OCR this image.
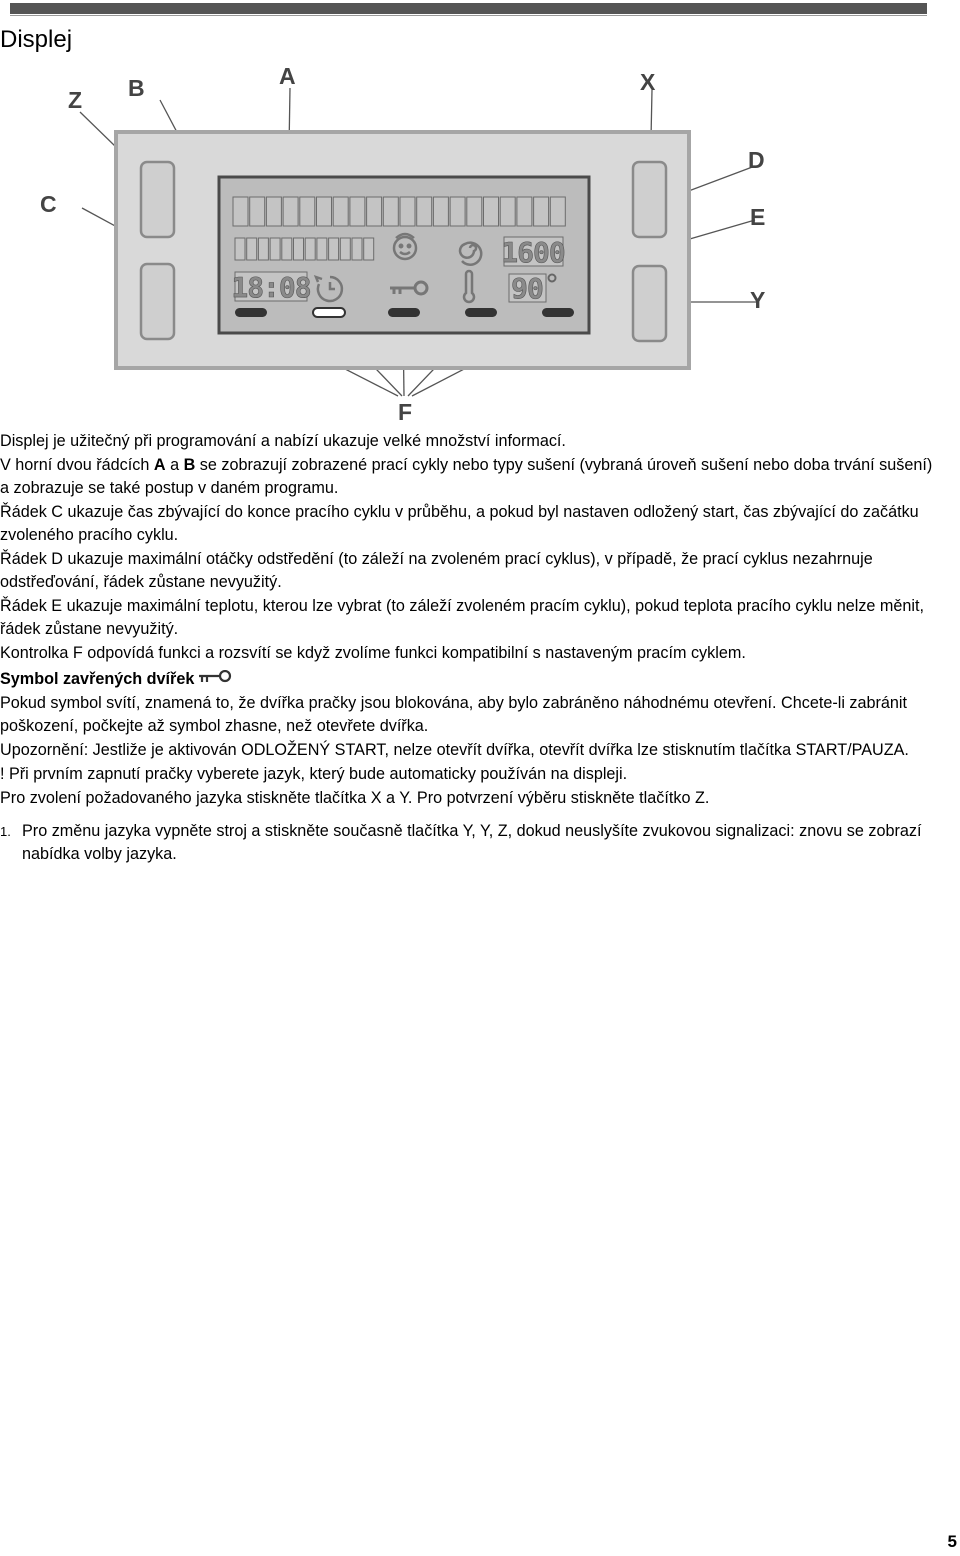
Displej
18:08
1600
90
Z B	A	X
C
D
E
Y
F

Displej je užitečný při programování a nabízí ukazuje velké množství informací.

V horní dvou řádcích A a B se zobrazují zobrazené prací cykly nebo typy sušení (vybraná úroveň sušení nebo doba trvání sušení) a zobrazuje se také postup v daném programu.

Řádek C ukazuje čas zbývající do konce pracího cyklu v průběhu, a pokud byl nastaven odložený start, čas zbývající do začátku zvoleného pracího cyklu.

Řádek D ukazuje maximální otáčky odstředění (to záleží na zvoleném prací cyklus), v případě, že prací cyklus nezahrnuje odstřeďování, řádek zůstane nevyužitý.

Řádek E ukazuje maximální teplotu, kterou lze vybrat (to záleží zvoleném pracím cyklu), pokud teplota pracího cyklu nelze měnit, řádek zůstane nevyužitý.

Kontrolka F odpovídá funkci a rozsvítí se když zvolíme funkci kompatibilní s nastaveným pracím cyklem.

Symbol zavřených dvířek

Pokud symbol svítí, znamená to, že dvířka pračky jsou blokována, aby bylo zabráněno náhodnému otevření. Chcete-li zabránit poškození, počkejte až symbol zhasne, než otevřete dvířka.

Upozornění: Jestliže je aktivován ODLOŽENÝ START, nelze otevřít dvířka, otevřít dvířka lze stisknutím tlačítka START/PAUZA.

! Při prvním zapnutí pračky vyberete jazyk, který bude automaticky používán na displeji.

Pro zvolení požadovaného jazyka stiskněte tlačítka X a Y. Pro potvrzení výběru stiskněte tlačítko Z.

1. Pro změnu jazyka vypněte stroj a stiskněte současně tlačítka Y, Y, Z, dokud neuslyšíte zvukovou signalizaci: znovu se zobrazí nabídka volby jazyka.

5
